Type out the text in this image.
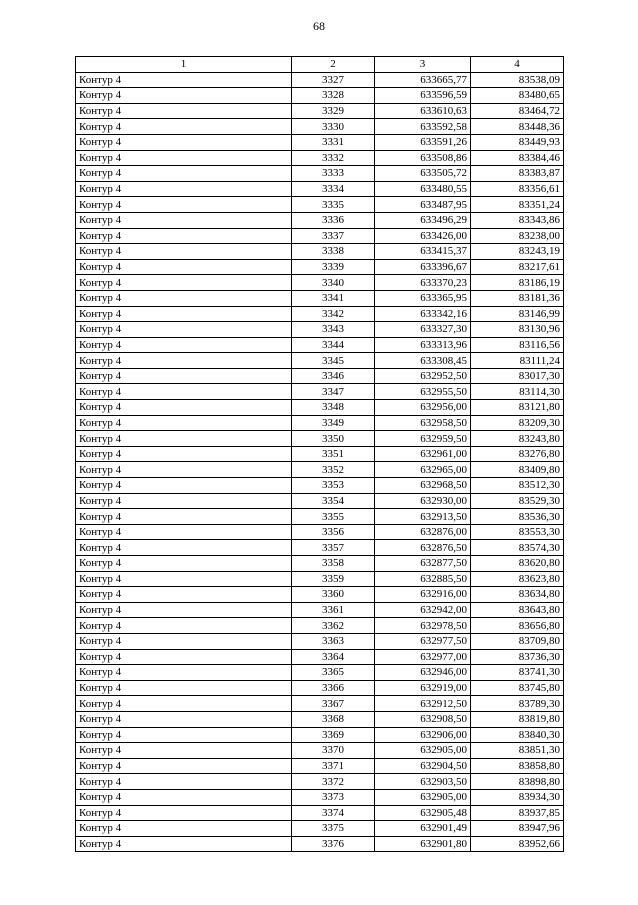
68
1	2	3	4
Контур 4	3327	633665,77	83538,09
Контур 4	3328	633596,59	83480,65
Контур 4	3329	633610,63	83464,72
Контур 4	3330	633592,58	83448,36
Контур 4	3331	633591,26	83449,93
Контур 4	3332	633508,86	83384,46
Контур 4	3333	633505,72	83383,87
Контур 4	3334	633480,55	83356,61
Контур 4	3335	633487,95	83351,24
Контур 4	3336	633496,29	83343,86
Контур 4	3337	633426,00	83238,00
Контур 4	3338	633415,37	83243,19
Контур 4	3339	633396,67	83217,61
Контур 4	3340	633370,23	83186,19
Контур 4	3341	633365,95	83181,36
Контур 4	3342	633342,16	83146,99
Контур 4	3343	633327,30	83130,96
Контур 4	3344	633313,96	83116,56
Контур 4	3345	633308,45	83111,24
Контур 4	3346	632952,50	83017,30
Контур 4	3347	632955,50	83114,30
Контур 4	3348	632956,00	83121,80
Контур 4	3349	632958,50	83209,30
Контур 4	3350	632959,50	83243,80
Контур 4	3351	632961,00	83276,80
Контур 4	3352	632965,00	83409,80
Контур 4	3353	632968,50	83512,30
Контур 4	3354	632930,00	83529,30
Контур 4	3355	632913,50	83536,30
Контур 4	3356	632876,00	83553,30
Контур 4	3357	632876,50	83574,30
Контур 4	3358	632877,50	83620,80
Контур 4	3359	632885,50	83623,80
Контур 4	3360	632916,00	83634,80
Контур 4	3361	632942,00	83643,80
Контур 4	3362	632978,50	83656,80
Контур 4	3363	632977,50	83709,80
Контур 4	3364	632977,00	83736,30
Контур 4	3365	632946,00	83741,30
Контур 4	3366	632919,00	83745,80
Контур 4	3367	632912,50	83789,30
Контур 4	3368	632908,50	83819,80
Контур 4	3369	632906,00	83840,30
Контур 4	3370	632905,00	83851,30
Контур 4	3371	632904,50	83858,80
Контур 4	3372	632903,50	83898,80
Контур 4	3373	632905,00	83934,30
Контур 4	3374	632905,48	83937,85
Контур 4	3375	632901,49	83947,96
Контур 4	3376	632901,80	83952,66
